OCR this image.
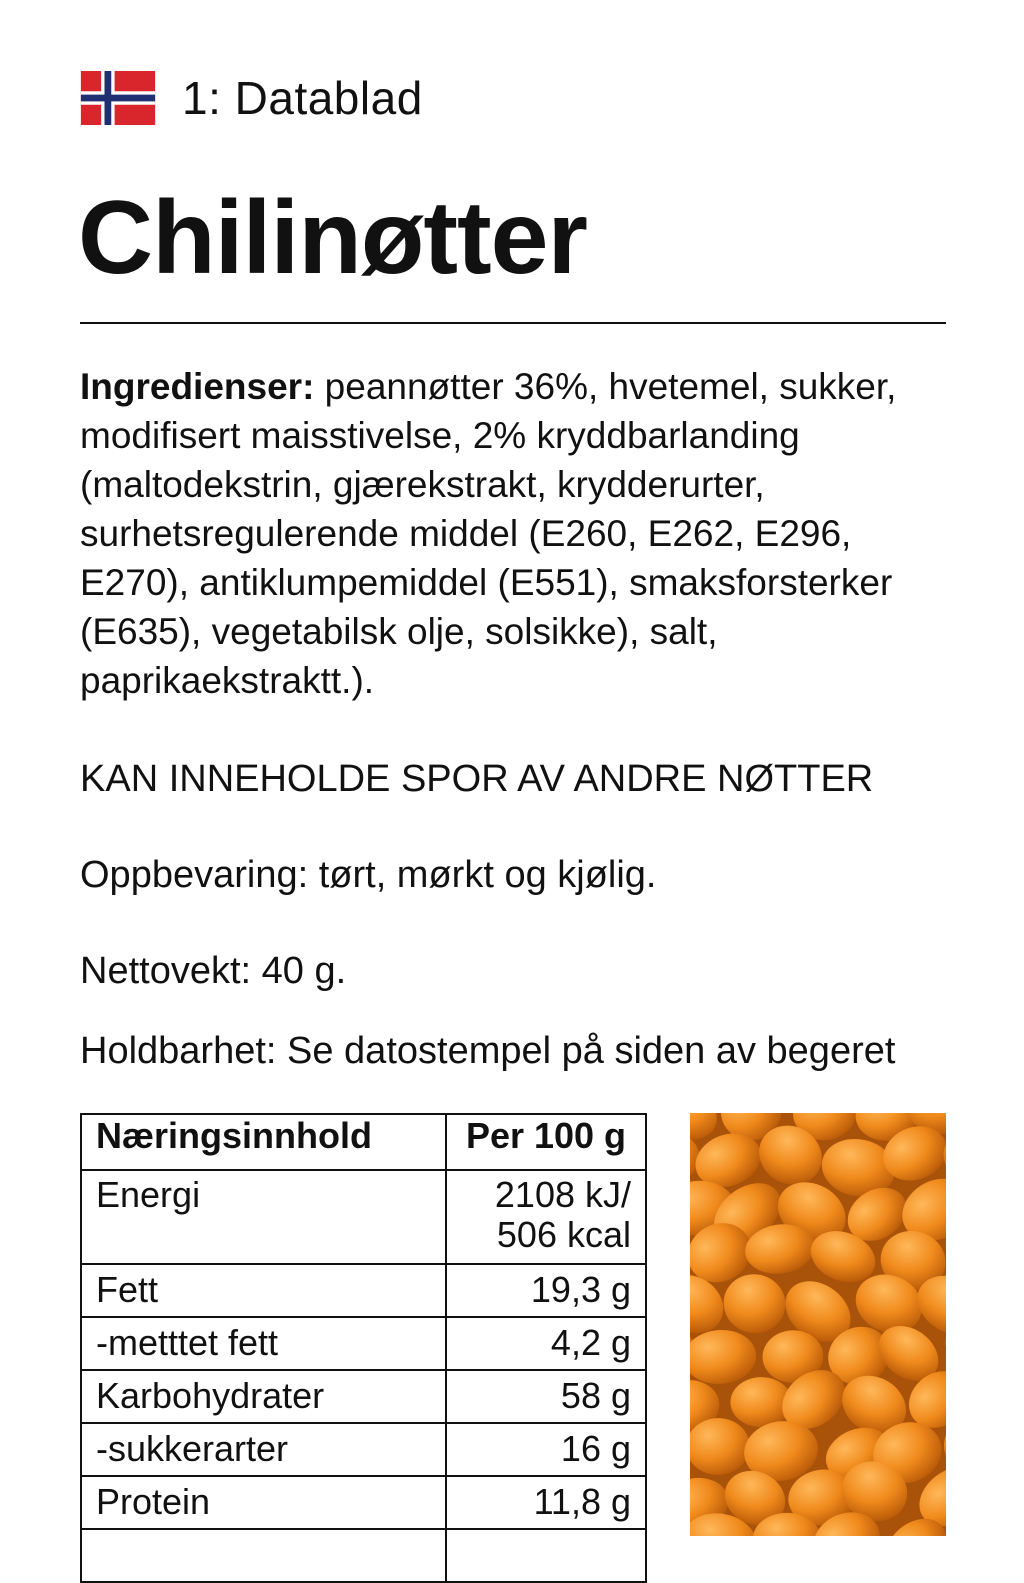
1: Datablad
Chilinøtter

Ingredienser: peannøtter 36%, hvetemel, sukker, modifisert maisstivelse, 2% kryddbarlanding (maltodekstrin, gjærekstrakt, krydderurter, surhetsregulerende middel (E260, E262, E296, E270), antiklumpemiddel (E551), smaksforsterker (E635), vegetabilsk olje, solsikke), salt, paprikaekstraktt.).

KAN INNEHOLDE SPOR AV ANDRE NØTTER

Oppbevaring: tørt, mørkt og kjølig.

Nettovekt: 40 g.

Holdbarhet: Se datostempel på siden av begeret

Næringsinnhold	Per 100 g
Energi	2108 kJ/
506 kcal
Fett	19,3 g
-metttet fett	4,2 g
Karbohydrater	58 g
-sukkerarter	16 g
Protein	11,8 g
